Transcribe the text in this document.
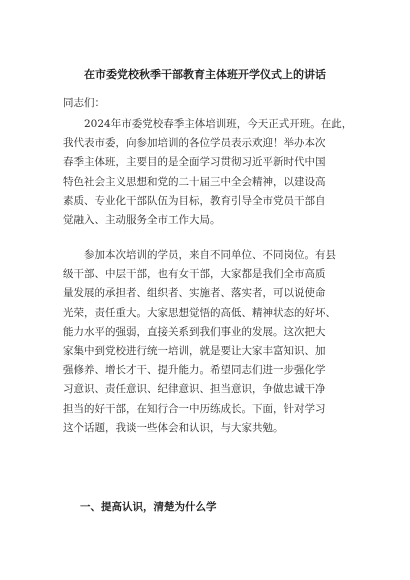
在市委党校秋季干部教育主体班开学仪式上的讲话
同志们：
2024年市委党校春季主体培训班，今天正式开班。在此，
我代表市委，向参加培训的各位学员表示欢迎！举办本次
春季主体班，主要目的是全面学习贯彻习近平新时代中国
特色社会主义思想和党的二十届三中全会精神，以建设高
素质、专业化干部队伍为目标，教育引导全市党员干部自
觉融入、主动服务全市工作大局。
参加本次培训的学员，来自不同单位、不同岗位。有县
级干部、中层干部，也有女干部，大家都是我们全市高质
量发展的承担者、组织者、实施者、落实者，可以说使命
光荣，责任重大。大家思想觉悟的高低、精神状态的好坏、
能力水平的强弱，直接关系到我们事业的发展。这次把大
家集中到党校进行统一培训，就是要让大家丰富知识、加
强修养、增长才干、提升能力。希望同志们进一步强化学
习意识、责任意识、纪律意识、担当意识，争做忠诚干净
担当的好干部，在知行合一中历练成长。下面，针对学习
这个话题，我谈一些体会和认识，与大家共勉。
一、提高认识，清楚为什么学
